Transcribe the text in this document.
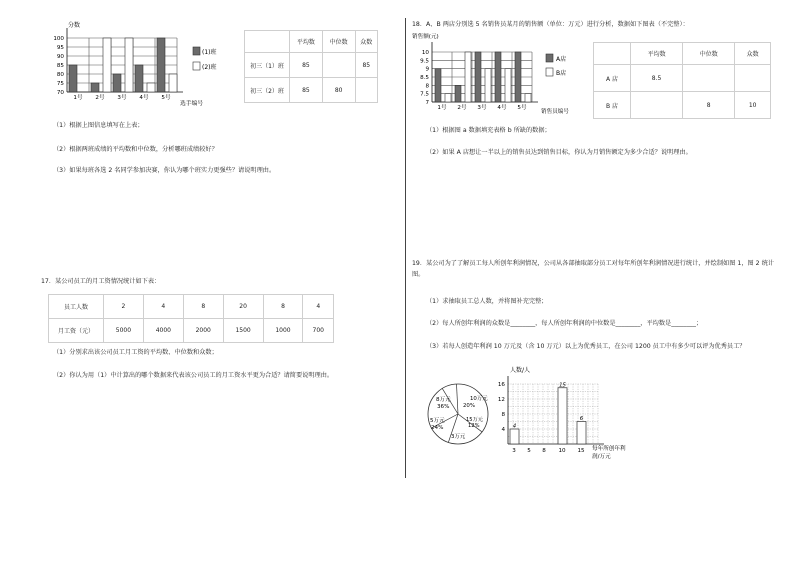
分数
100
95
90
85
80
75
70
1号 2号 3号 4号 5号
选手编号
(1)班
(2)班
	平均数	中位数	众数
初三（1）班	85		85
初三（2）班	85	80	
（1）根据上图信息填写在上表；
（2）根据两班成绩的平均数和中位数，分析哪班成绩较好？
（3）如果每班各选 2 名同学参加决赛，你认为哪个班实力更强些？请说明理由。
17．某公司员工的月工资情况统计如下表：
员工人数	2	4	8	20	8	4
月工资（元）	5000	4000	2000	1500	1000	700
（1）分别求出该公司员工月工资的平均数、中位数和众数；
（2）你认为用（1）中计算出的哪个数据来代表该公司员工的月工资水平更为合适？请简要说明理由。
18．A、B 两店分别选 5 名销售员某月的销售额（单位：万元）进行分析，数据如下图表（不完整）：
销售额(元)
10
9.5
9
8.5
8
7.5
7
1号 2号 3号 4号 5号
销售员编号
A店
B店
	平均数	中位数	众数
A 店	8.5		
B 店		8	10
（1）根据图 a 数据填充表格 b 所缺的数据；
（2）如果 A 店想让一半以上的销售员达到销售目标，你认为月销售额定为多少合适？说明理由。
19．某公司为了了解员工每人所创年利润情况，公司从各部抽取部分员工对每年所创年利润情况进行统计，并绘制如图 1，图 2 统计图。
（1）求抽取员工总人数，并将图补充完整；
（2）每人所创年利润的众数是________，每人所创年利润的中位数是________，平均数是________；
（3）若每人创造年利润 10 万元及（含 10 万元）以上为优秀员工，在公司 1200 员工中有多少可以评为优秀员工？
8万元
36%
10万元
20%
15万元
12%
5万元
24%
3万元
人数/人
16
12
8
4
4
15
6
3 5 8 10 15 每年所创年利
润/万元
